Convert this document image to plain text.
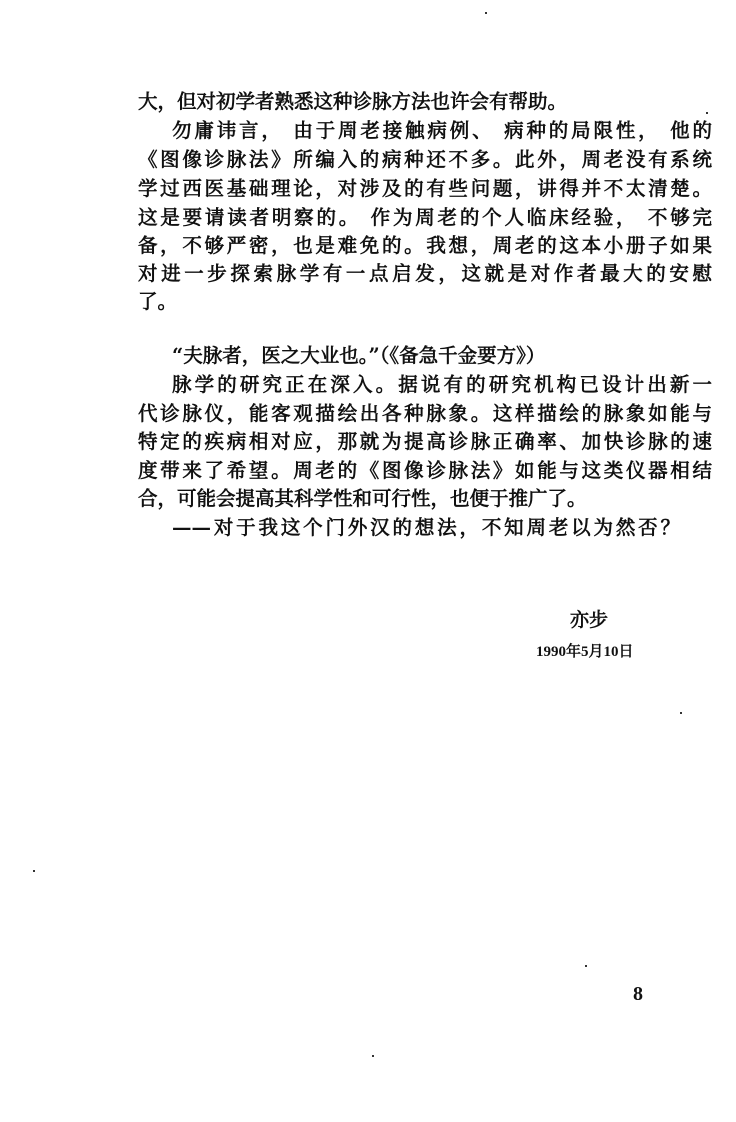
大，但对初学者熟悉这种诊脉方法也许会有帮助。
勿庸讳言， 由于周老接触病例、 病种的局限性， 他的
《图像诊脉法》所编入的病种还不多。此外，周老没有系统
学过西医基础理论，对涉及的有些问题，讲得并不太清楚。
这是要请读者明察的。 作为周老的个人临床经验， 不够完
备，不够严密，也是难免的。我想，周老的这本小册子如果
对进一步探索脉学有一点启发，这就是对作者最大的安慰
了。
“夫脉者，医之大业也。”（《备急千金要方》）
脉学的研究正在深入。据说有的研究机构已设计出新一
代诊脉仪，能客观描绘出各种脉象。这样描绘的脉象如能与
特定的疾病相对应，那就为提高诊脉正确率、加快诊脉的速
度带来了希望。周老的《图像诊脉法》如能与这类仪器相结
合，可能会提高其科学性和可行性，也便于推广了。
——对于我这个门外汉的想法，不知周老以为然否？
亦步
1990年5月10日
8
